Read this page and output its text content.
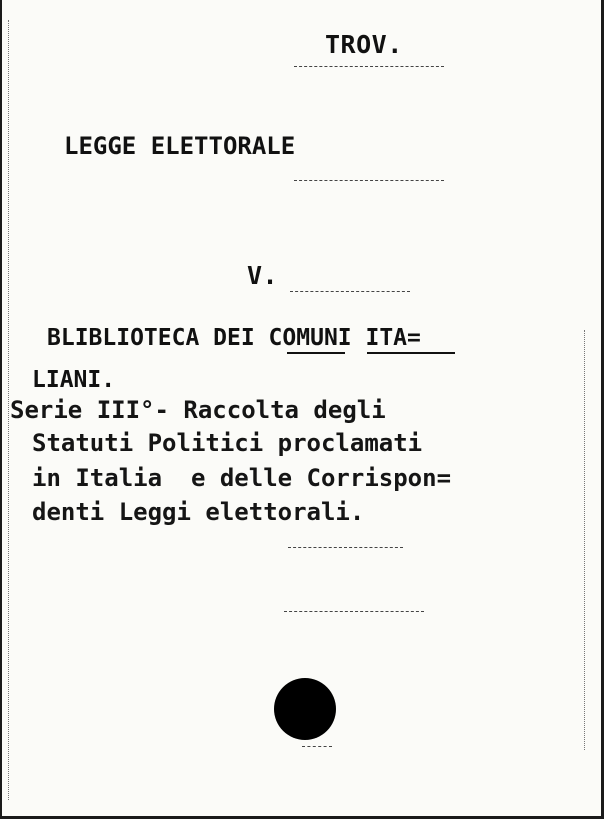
TROV.
LEGGE ELETTORALE
V.
BLIBLIOTECA DEI COMUNI ITA=
LIANI.
Serie III°- Raccolta degli
Statuti Politici proclamati
in Italia  e delle Corrispon=
denti Leggi elettorali.
